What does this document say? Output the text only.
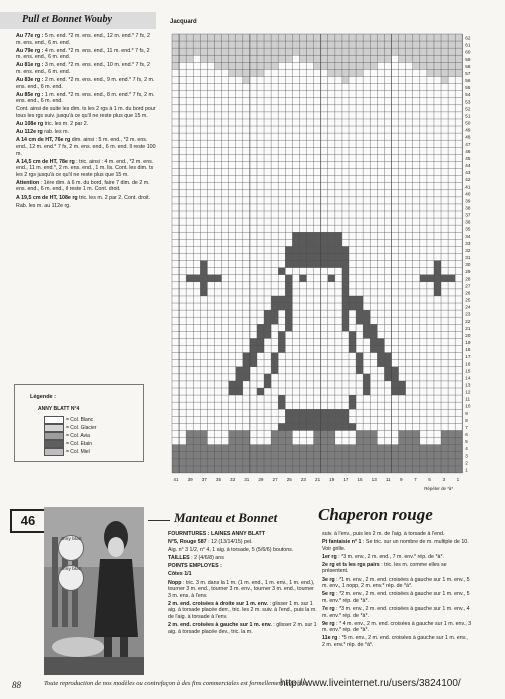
Pull et Bonnet Wouby
Au 77e rg : 5 m. end. *2 m. ens. end., 12 m. end.* 7 fs, 2 m. ens. end., 6 m. end.
Au 79e rg : 4 m. end. *2 m. ens. end., 11 m. end.* 7 fs, 2 m. ens. end., 6 m. end.
Au 81e rg : 3 m. end. *2 m. ens. end., 10 m. end.* 7 fs, 2 m. ens. end., 6 m. end.
Au 83e rg : 2 m. end. *2 m. ens. end., 9 m. end.* 7 fs, 2 m. ens. end., 6 m. end.
Au 85e rg : 1 m. end. *2 m. ens. end., 8 m. end.* 7 fs, 2 m. ens. end., 6 m. end.
Cont. ainsi de suite les dim. ts les 2 rgs à 1 m. du bord pour tous les rgs suiv. jusqu'à ce qu'il ne reste plus que 15 m.
Au 108e rg tric. les m. 2 par 2.
Au 112e rg rab. les m.
A 14 cm de HT, 76e rg dim. ainsi : 5 m. end., *2 m. ens. end., 12 m. end.* 7 fs, 2 m. ens. end., 6 m. end. Il reste 100 m.
A 14,5 cm de HT, 78e rg : tric. ainsi : 4 m. end., *2 m. ens. end., 11 m. end.*, 2 m. ens. end., 1 m. lis. Cont. les dim. ts les 2 rgs jusqu'à ce qu'il ne reste plus que 15 m.
Attention : 1ère dim. à 6 m. du bord, faire 7 dim. de 2 m. ens. end., 6 m. end., il reste 1 m. Cont. droit.
A 19,5 cm de HT, 108e rg tric. les m. 2 par 2. Cont. droit.
Rab. les m. au 112e rg.
Légende :
ANNY BLATT N°4
= Col. Blanc
= Col. Glacier
= Col. Avia
= Col. Etain
= Col. Miel
Jacquard
62
61
60
59
58
57
56
55
54
53
52
51
50
49
48
47
46
45
44
43
42
41
40
39
38
37
36
35
34
33
32
31
30
29
28
27
26
25
24
23
22
21
20
19
18
17
16
15
14
13
12
11
10
9
8
7
6
5
4
3
2
1
41 39 37 35 33 31 29 27 25 23 21 19 17 15 13 11 9	7	5	3	1
Répéter de *à*
46
anny blatt
anny blatt
Manteau et Bonnet Chaperon rouge
FOURNITURES : LAINES ANNY BLATT
N°5, Rouge 587 : 12 (13/14/15) pel.
Aig. n° 3 1/2, n° 4, 1 aig. à torsade, 5 (5/6/6) boutons.
TAILLES : 2 (4/6/8) ans
POINTS EMPLOYES :
Côtes 1/1
Nopp : tric. 3 m. dans la 1 m. (1 m. end., 1 m. env., 1 m. end.), tourner 3 m. end., tourner 3 m. env., tourner 3 m. end., tourner 3 m. ens. à l'env.
2 m. end. croisées à droite sur 1 m. env. : glisser 1 m. sur 1 aig. à torsade placée derr., tric. les 2 m. suiv. à l'end., puis la m. de l'aig. à torsade à l'env.
2 m. end. croisées à gauche sur 1 m. env. : glisser 2 m. sur 1 aig. à torsade placée dev., tric. la m.
suiv. à l'env., puis les 2 m. de l'aig. à torsade à l'end.
Pt fantaisie n° 1 : Se tric. sur un nombre de m. multiple de 10. Voir grille.
1er rg : *3 m. env., 2 m. end., 7 m. env.* rép. de *à*.
2e rg et ts les rgs pairs : tric. les m. comme elles se présentent.
3e rg : *1 m. env., 2 m. end. croisées à gauche sur 1 m. env., 5 m. env., 1 nopp, 2 m. env.* rép. de *à*.
5e rg : *2 m. env., 2 m. end. croisées à gauche sur 1 m. env., 5 m. env.* rép. de *à*.
7e rg : *3 m. env., 2 m. end. croisées à gauche sur 1 m. env., 4 m. env.* rép. de *à*.
9e rg : * 4 m. env., 2 m. end. croisées à gauche sur 1 m. env., 3 m. env.* rép. de *à*.
11e rg : *5 m. env., 2 m. end. croisées à gauche sur 1 m. env., 2 m. env.* rép. de *à*.
88	Toute reproduction de nos modèles ou contrefaçon à des fins commerciales est formellement interdite.
http://www.liveinternet.ru/users/3824100/
